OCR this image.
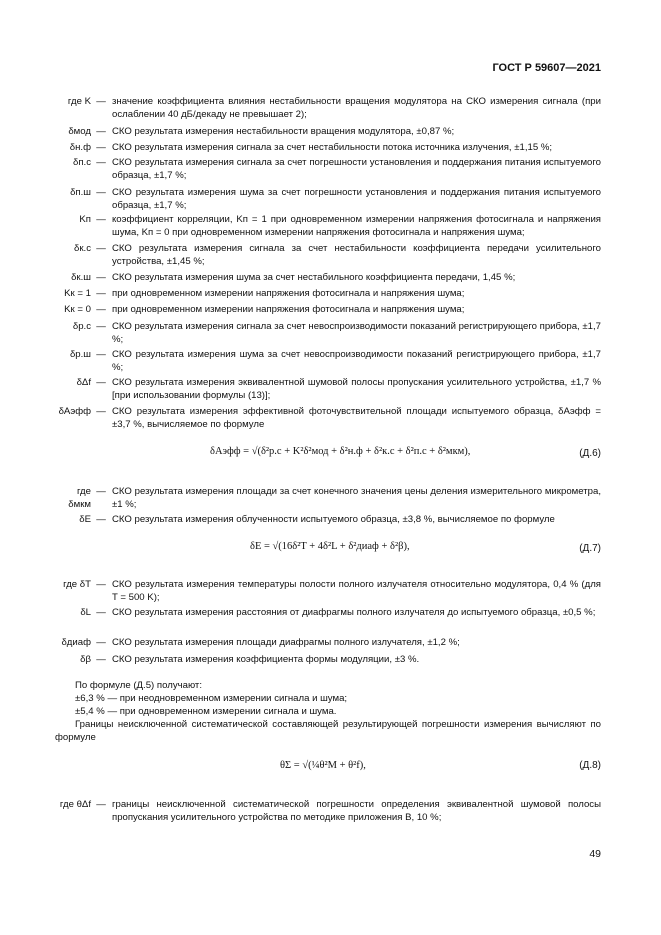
ГОСТ Р 59607—2021
где K — значение коэффициента влияния нестабильности вращения модулятора на СКО измерения сигнала (при ослаблении 40 дБ/декаду не превышает 2);
δмод — СКО результата измерения нестабильности вращения модулятора, ±0,87 %;
δн.ф — СКО результата измерения сигнала за счет нестабильности потока источника излучения, ±1,15 %;
δп.с — СКО результата измерения сигнала за счет погрешности установления и поддержания питания испытуемого образца, ±1,7 %;
δп.ш — СКО результата измерения шума за счет погрешности установления и поддержания питания испытуемого образца, ±1,7 %;
Kп — коэффициент корреляции, Kп = 1 при одновременном измерении напряжения фотосигнала и напряжения шума, Kп = 0 при одновременном измерении напряжения фотосигнала и напряжения шума;
δк.с — СКО результата измерения сигнала за счет нестабильности коэффициента передачи усилительного устройства, ±1,45 %;
δк.ш — СКО результата измерения шума за счет нестабильного коэффициента передачи, 1,45 %;
Kк = 1 — при одновременном измерении напряжения фотосигнала и напряжения шума;
Kк = 0 — при одновременном измерении напряжения фотосигнала и напряжения шума;
δр.с — СКО результата измерения сигнала за счет невоспроизводимости показаний регистрирующего прибора, ±1,7 %;
δр.ш — СКО результата измерения шума за счет невоспроизводимости показаний регистрирующего прибора, ±1,7 %;
δΔf — СКО результата измерения эквивалентной шумовой полосы пропускания усилительного устройства, ±1,7 % [при использовании формулы (13)];
δAэфф — СКО результата измерения эффективной фоточувствительной площади испытуемого образца, δAэфф = ±3,7 %, вычисляемое по формуле
δAэфф = √(δ²р.с + K²δ²мод + δ²н.ф + δ²к.с + δ²п.с + δ²мкм),	(Д.6)
где δмкм
— СКО результата измерения площади за счет конечного значения цены деления измерительного микрометра, ±1 %;
δE — СКО результата измерения облученности испытуемого образца, ±3,8 %, вычисляемое по формуле
δE = √(16δ²T + 4δ²L + δ²диаф + δ²β),	(Д.7)
где δT — СКО результата измерения температуры полости полного излучателя относительно модулятора, 0,4 % (для T = 500 K);
δL — СКО результата измерения расстояния от диафрагмы полного излучателя до испытуемого образца, ±0,5 %;
δдиаф — СКО результата измерения площади диафрагмы полного излучателя, ±1,2 %;
δβ — СКО результата измерения коэффициента формы модуляции, ±3 %.
По формуле (Д.5) получают:
±6,3 % — при неодновременном измерении сигнала и шума;
±5,4 % — при одновременном измерении сигнала и шума.
Границы неисключенной систематической составляющей результирующей погрешности измерения вычисляют по формуле
θΣ = √(¼θ²M + θ²f),	(Д.8)
где θΔf — границы неисключенной систематической погрешности определения эквивалентной шумовой полосы пропускания усилительного устройства по методике приложения В, 10 %;
49
